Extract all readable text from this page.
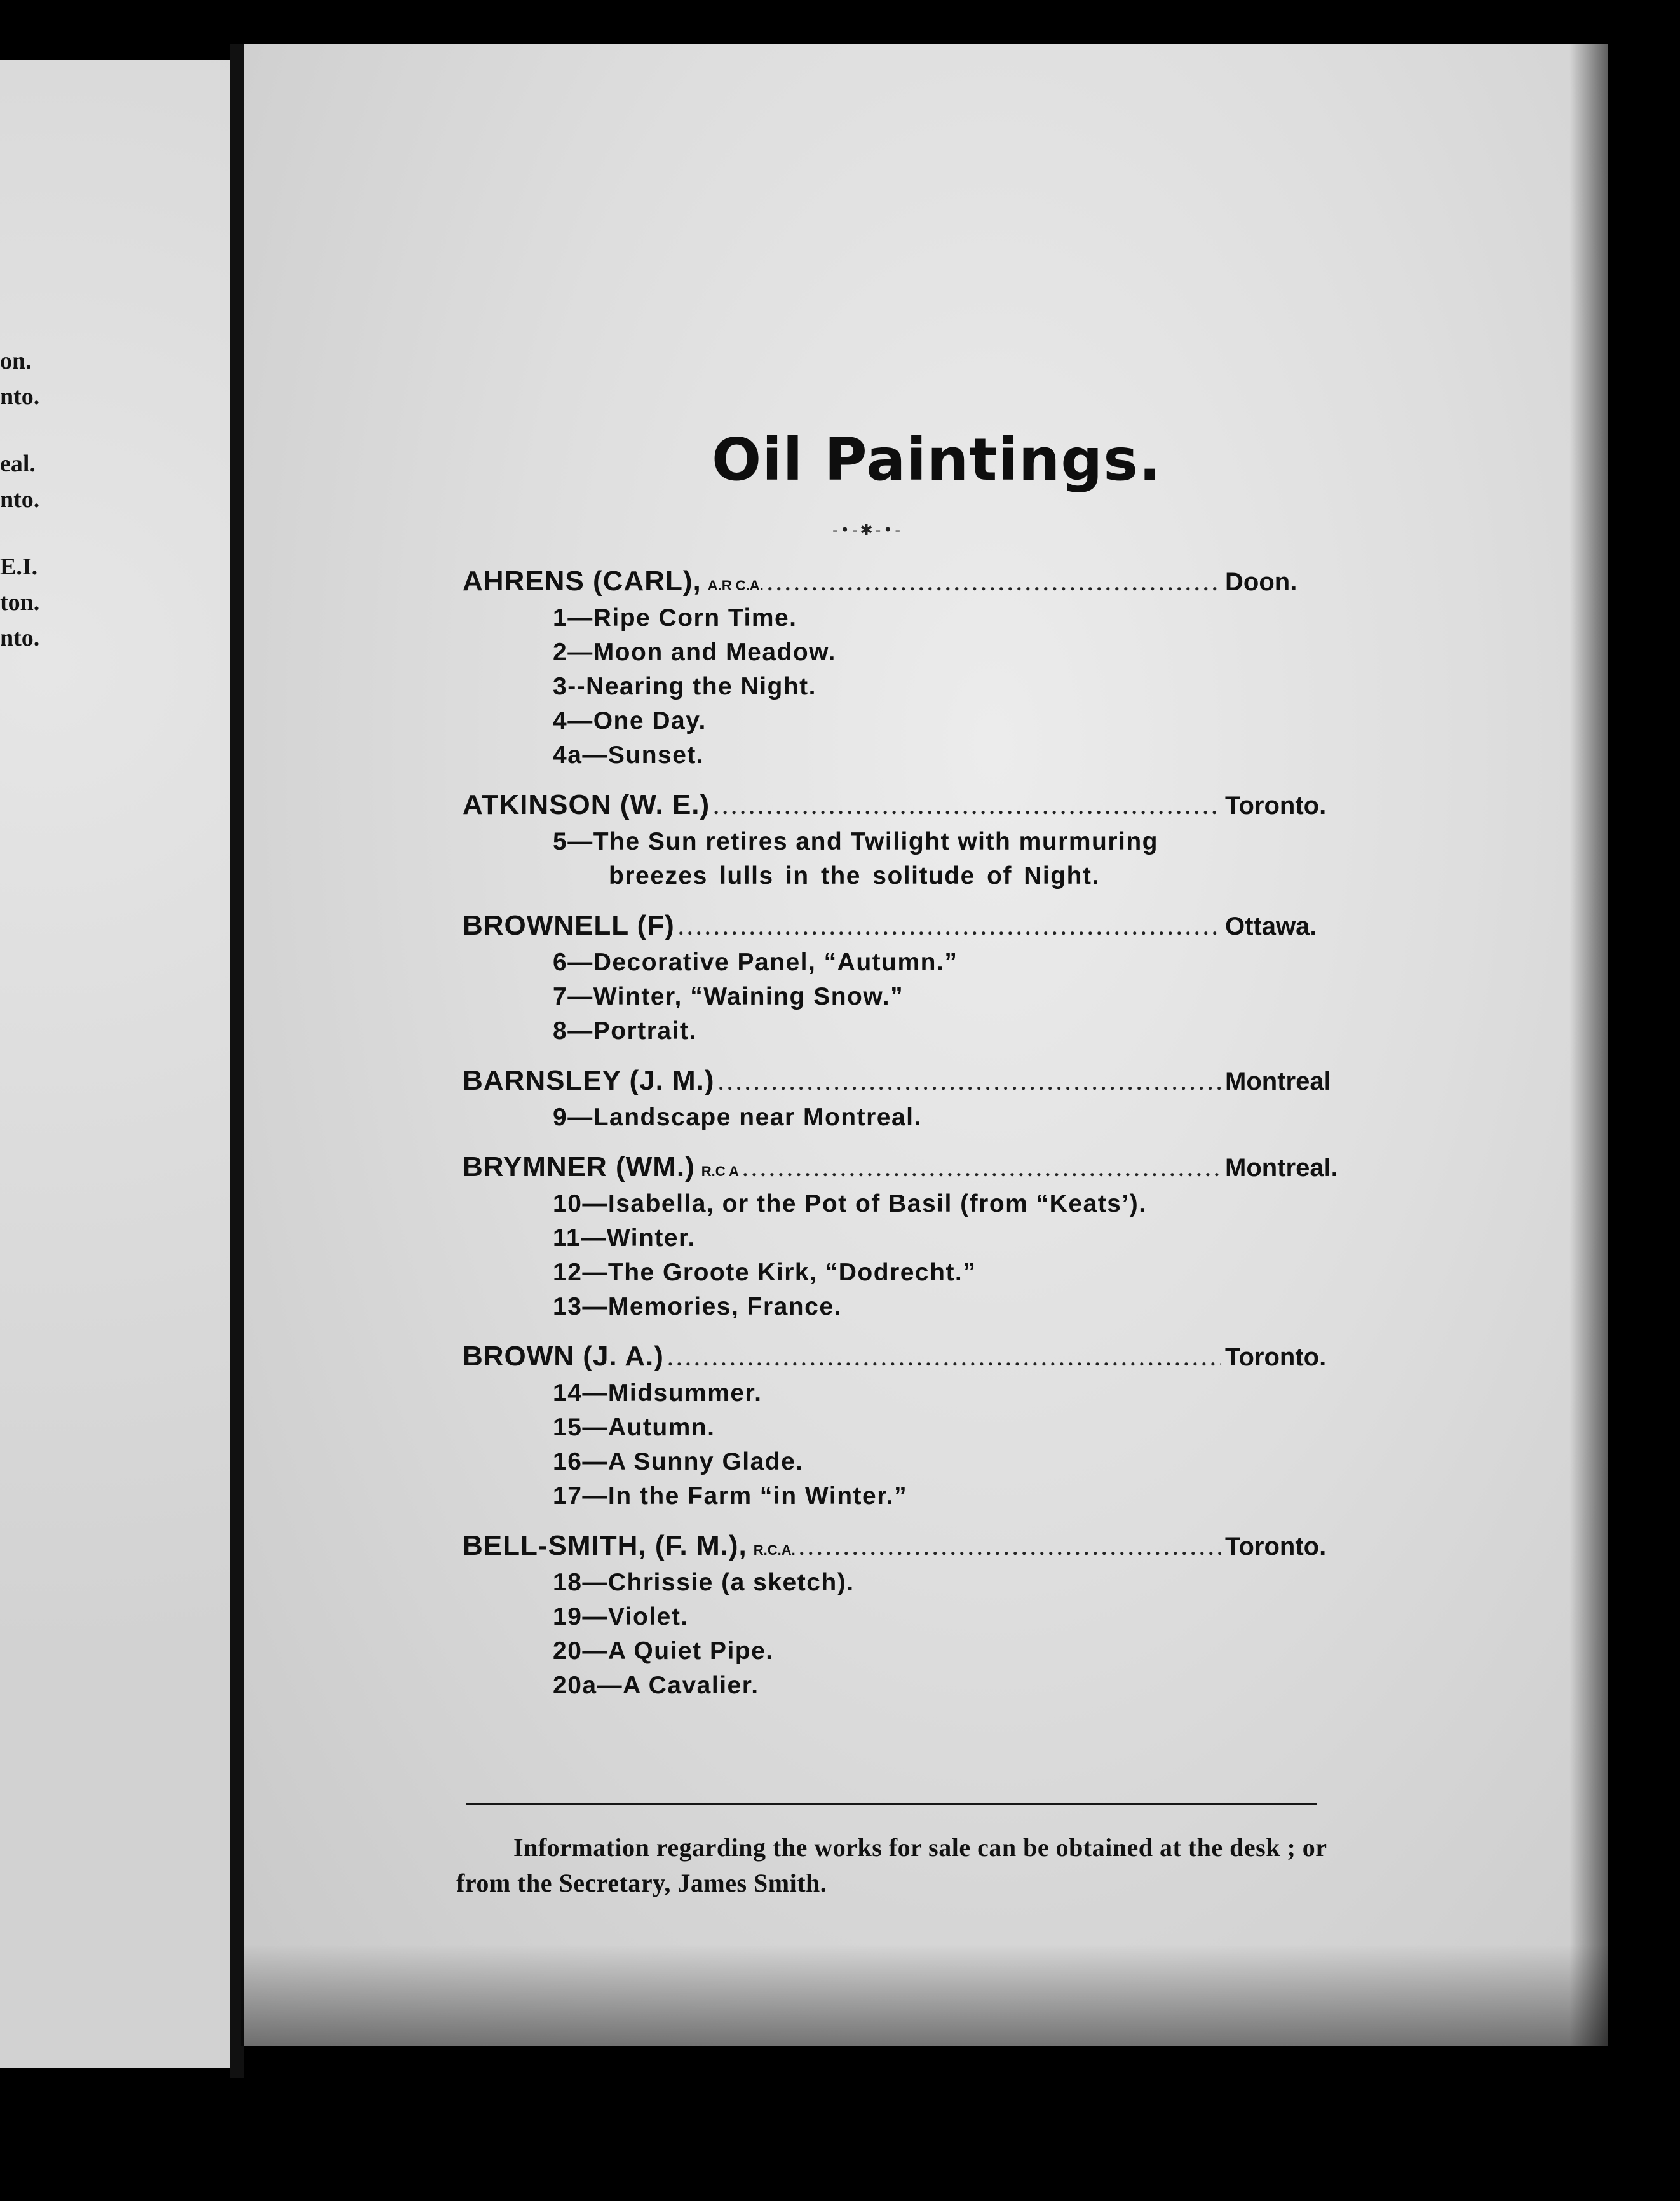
on.
nto.
eal.
nto.
E.I.
ton.
nto.
Oil Paintings.
-•-✱-•-
AHRENS (CARL), A.R C.A. .....	Doon.
1—Ripe Corn Time.
2—Moon and Meadow.
3--Nearing the Night.
4—One Day.
4a—Sunset.
ATKINSON (W. E.) .....	Toronto.
5—The Sun retires and Twilight with murmuring
breezes lulls in the solitude of Night.
BROWNELL (F) .....	Ottawa.
6—Decorative Panel, “Autumn.”
7—Winter, “Waining Snow.”
8—Portrait.
BARNSLEY (J. M.) .....	Montreal
9—Landscape near Montreal.
BRYMNER (WM.) R.C A .....	Montreal.
10—Isabella, or the Pot of Basil (from “Keats’).
11—Winter.
12—The Groote Kirk, “Dodrecht.”
13—Memories, France.
BROWN (J. A.) .....	Toronto.
14—Midsummer.
15—Autumn.
16—A Sunny Glade.
17—In the Farm “in Winter.”
BELL-SMITH, (F. M.), R.C.A. .....	Toronto.
18—Chrissie (a sketch).
19—Violet.
20—A Quiet Pipe.
20a—A Cavalier.
Information regarding the works for sale can be obtained at the desk ; or from the Secretary, James Smith.
